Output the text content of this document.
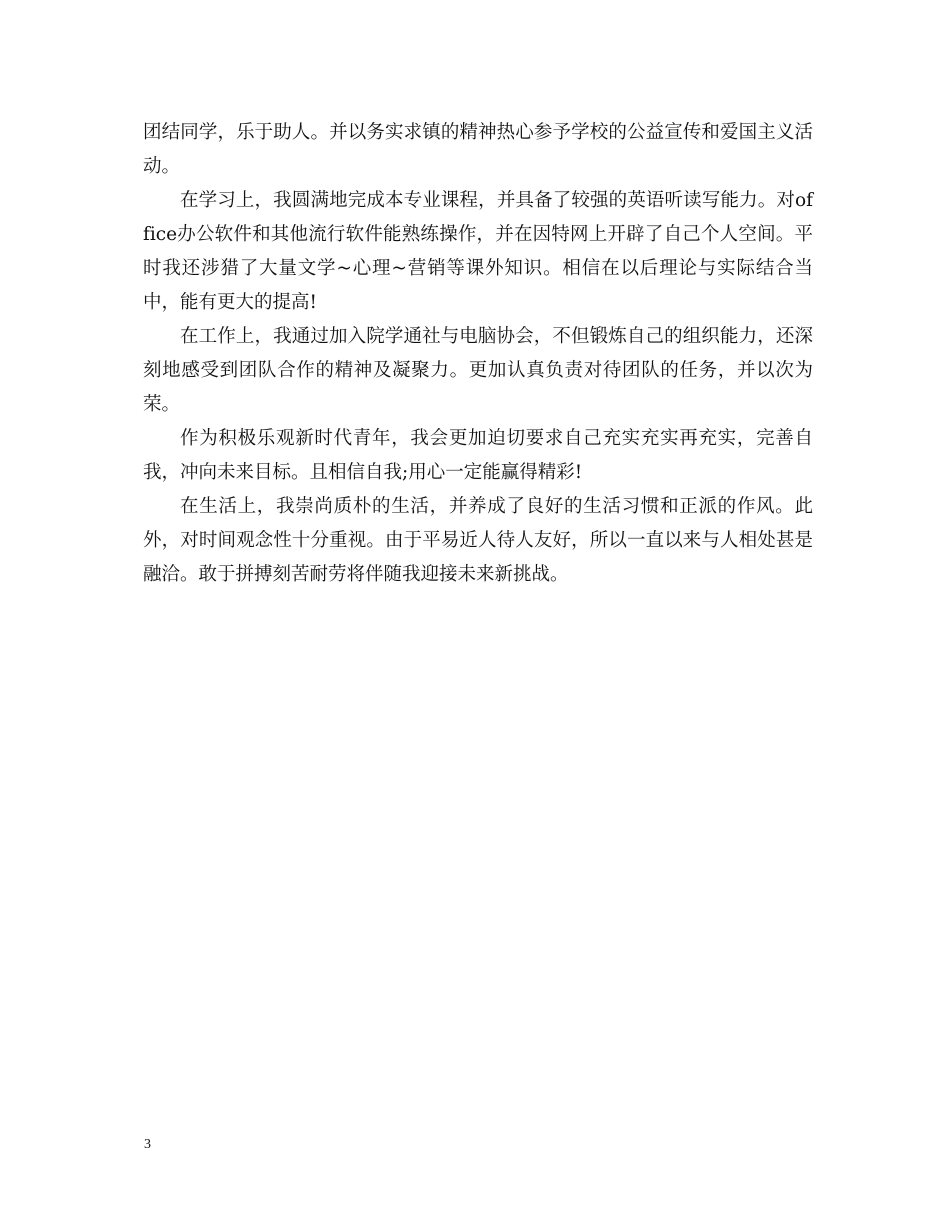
团结同学，乐于助人。并以务实求镇的精神热心参予学校的公益宣传和爱国主义活动。

在学习上，我圆满地完成本专业课程，并具备了较强的英语听读写能力。对office办公软件和其他流行软件能熟练操作，并在因特网上开辟了自己个人空间。平时我还涉猎了大量文学~心理~营销等课外知识。相信在以后理论与实际结合当中，能有更大的提高!

在工作上，我通过加入院学通社与电脑协会，不但锻炼自己的组织能力，还深刻地感受到团队合作的精神及凝聚力。更加认真负责对待团队的任务，并以次为荣。

作为积极乐观新时代青年，我会更加迫切要求自己充实充实再充实，完善自我，冲向未来目标。且相信自我;用心一定能赢得精彩!

在生活上，我崇尚质朴的生活，并养成了良好的生活习惯和正派的作风。此外，对时间观念性十分重视。由于平易近人待人友好，所以一直以来与人相处甚是融洽。敢于拼搏刻苦耐劳将伴随我迎接未来新挑战。

3
